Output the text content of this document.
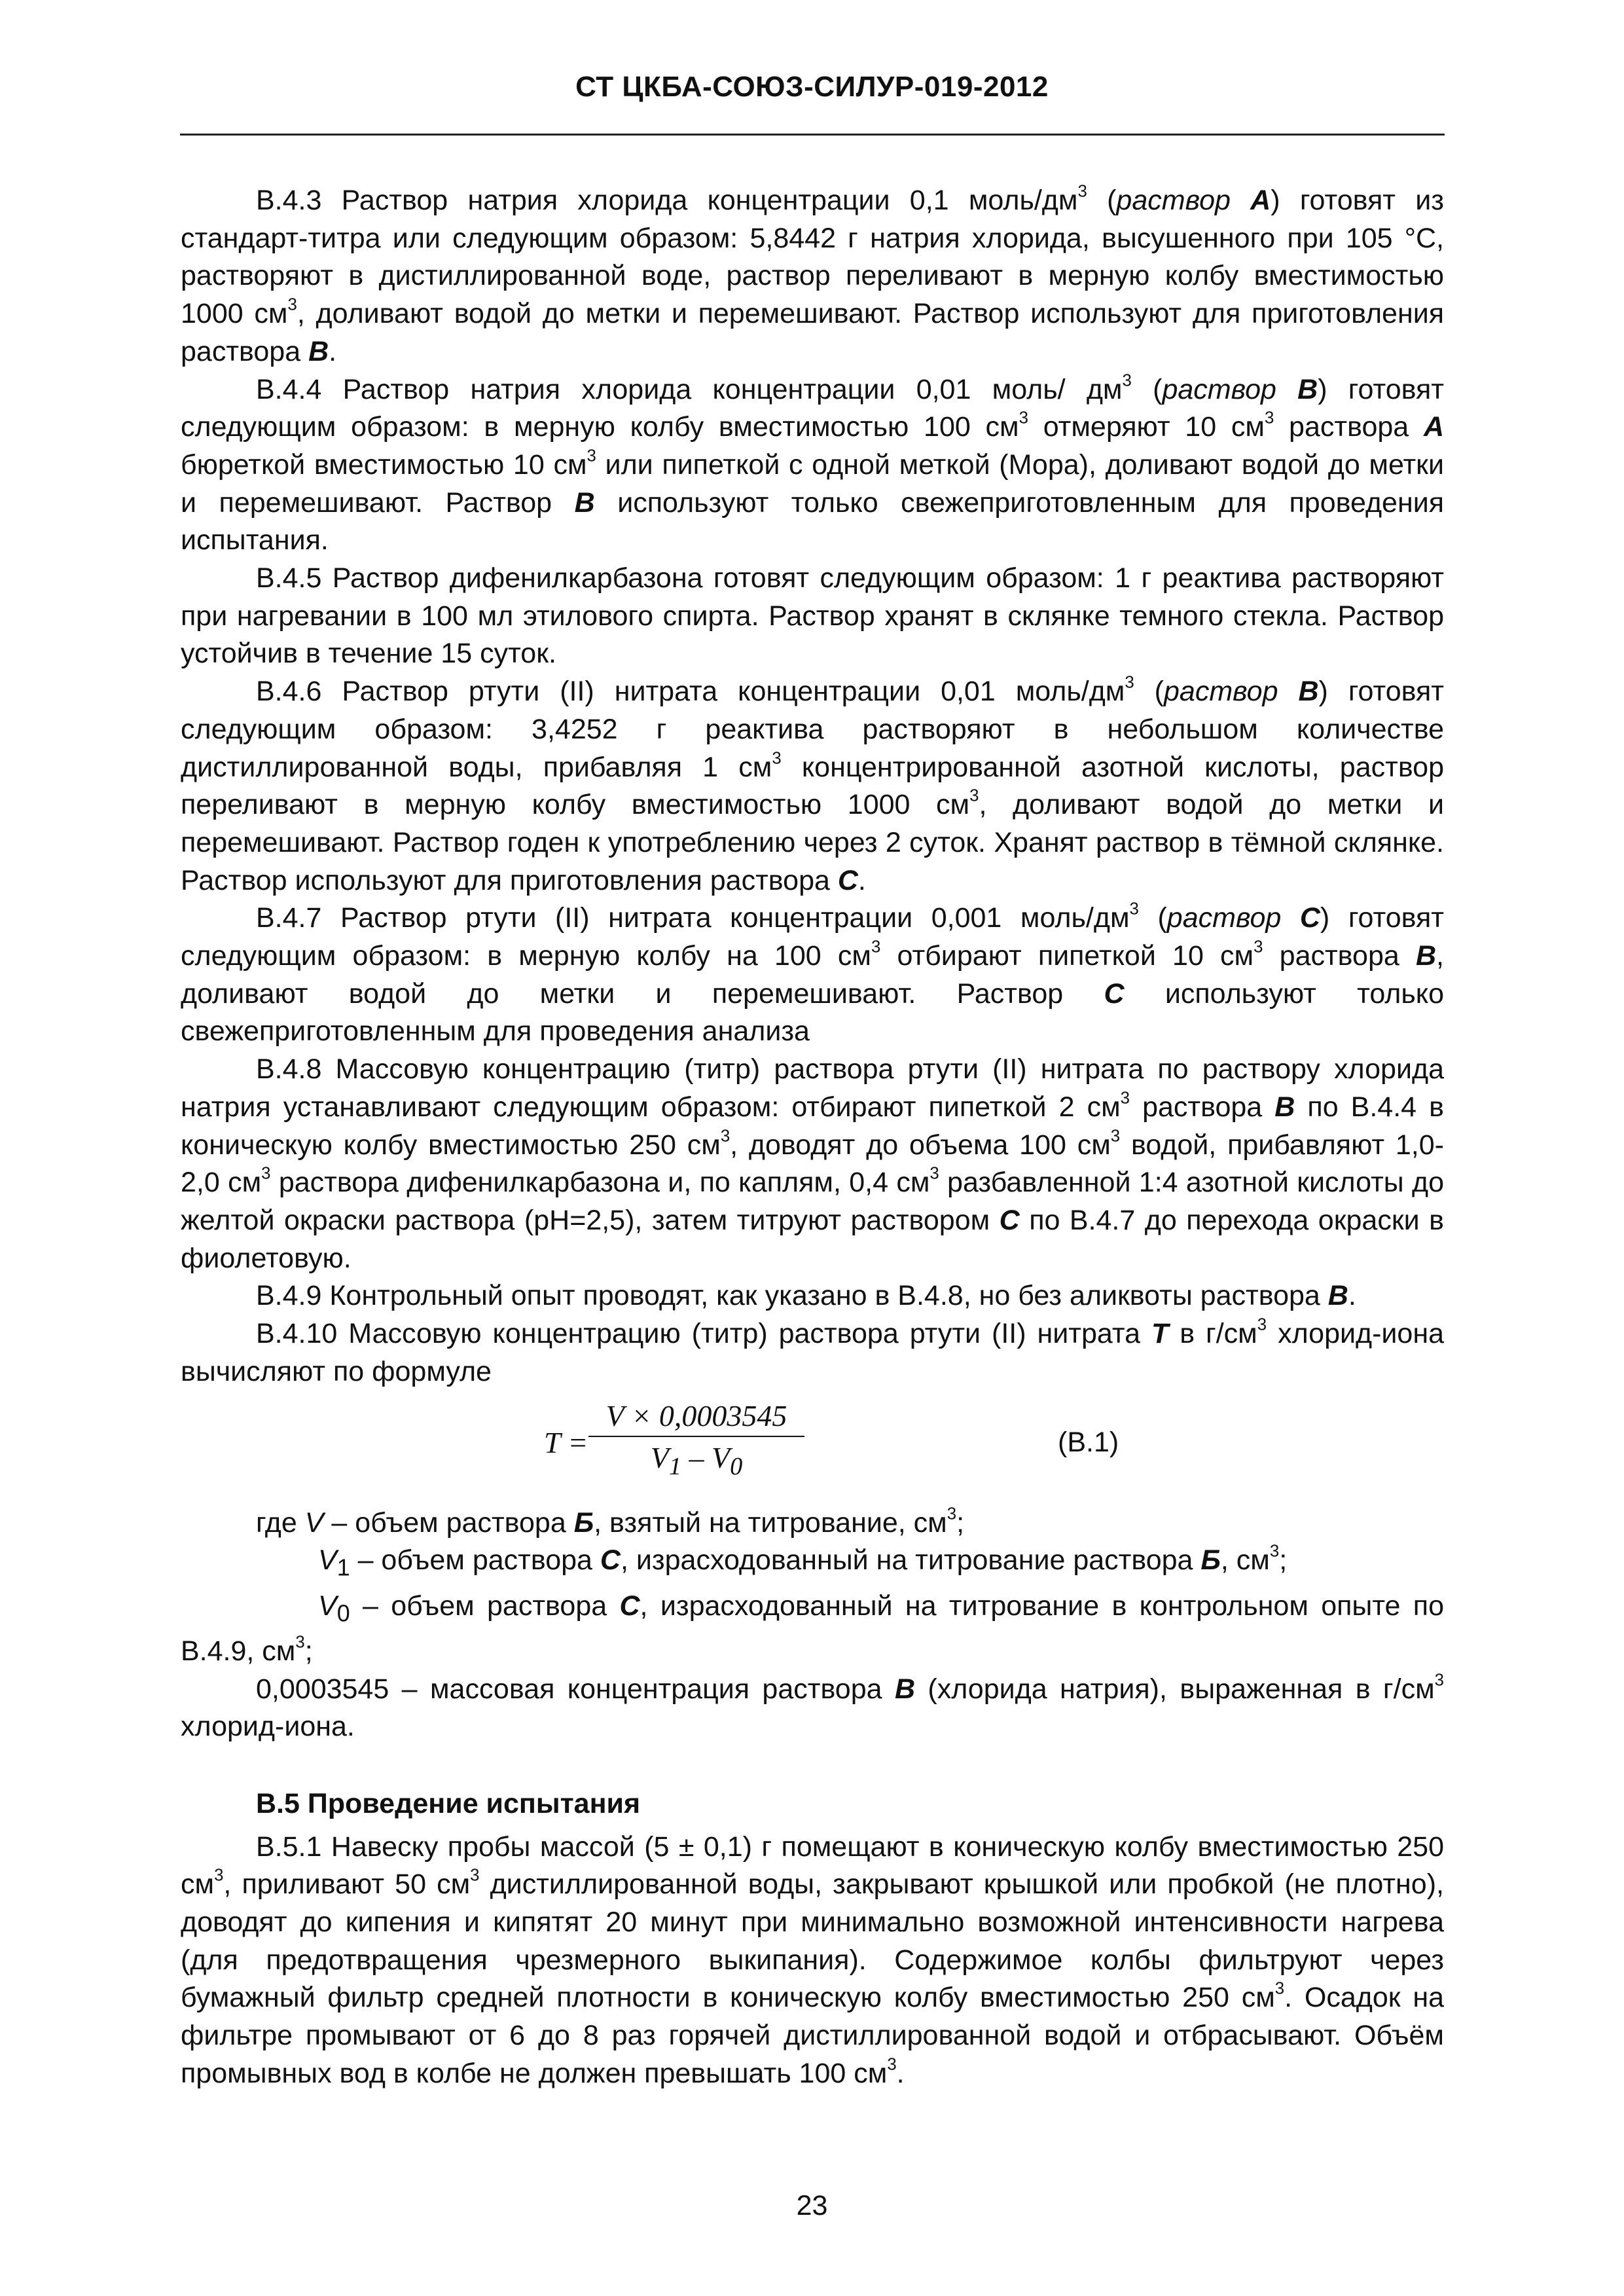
СТ ЦКБА-СОЮЗ-СИЛУР-019-2012

В.4.3 Раствор натрия хлорида концентрации 0,1 моль/$дм^3$ (раствор А) готовят из стандарт-титра или следующим образом: 5,8442 г натрия хлорида, высушенного при 105 °С, растворяют в дистиллированной воде, раствор переливают в мерную колбу вместимостью 1000 $см^3$, доливают водой до метки и перемешивают. Раствор используют для приготовления раствора В.

В.4.4 Раствор натрия хлорида концентрации 0,01 моль/ $дм^3$ (раствор В) готовят следующим образом: в мерную колбу вместимостью 100 $см^3$ отмеряют 10 $см^3$ раствора А бюреткой вместимостью 10 $см^3$ или пипеткой с одной меткой (Мора), доливают водой до метки и перемешивают. Раствор В используют только свежеприготовленным для проведения испытания.

В.4.5 Раствор дифенилкарбазона готовят следующим образом: 1 г реактива растворяют при нагревании в 100 мл этилового спирта. Раствор хранят в склянке темного стекла. Раствор устойчив в течение 15 суток.

В.4.6 Раствор ртути (II) нитрата концентрации 0,01 моль/$дм^3$ (раствор В) готовят следующим образом: 3,4252 г реактива растворяют в небольшом количестве дистиллированной воды, прибавляя 1 $см^3$ концентрированной азотной кислоты, раствор переливают в мерную колбу вместимостью 1000 $см^3$, доливают водой до метки и перемешивают. Раствор годен к употреблению через 2 суток. Хранят раствор в тёмной склянке. Раствор используют для приготовления раствора С.

В.4.7 Раствор ртути (II) нитрата концентрации 0,001 моль/$дм^3$ (раствор С) готовят следующим образом: в мерную колбу на 100 $см^3$ отбирают пипеткой 10 $см^3$ раствора В, доливают водой до метки и перемешивают. Раствор С используют только свежеприготовленным для проведения анализа

В.4.8 Массовую концентрацию (титр) раствора ртути (II) нитрата по раствору хлорида натрия устанавливают следующим образом: отбирают пипеткой 2 $см^3$ раствора В по В.4.4 в коническую колбу вместимостью 250 $см^3$, доводят до объема 100 $см^3$ водой, прибавляют 1,0-2,0 $см^3$ раствора дифенилкарбазона и, по каплям, 0,4 $см^3$ разбавленной 1:4 азотной кислоты до желтой окраски раствора (рН=2,5), затем титруют раствором С по В.4.7 до перехода окраски в фиолетовую.

В.4.9 Контрольный опыт проводят, как указано в В.4.8, но без аликвоты раствора В.

В.4.10 Массовую концентрацию (титр) раствора ртути (II) нитрата Т в $г/см^3$ хлорид-иона вычисляют по формуле

T =
V × 0,0003545
$V_1 - V_0$
(В.1)

где V – объем раствора Б, взятый на титрование, $см^3$;

$V_1$ – объем раствора С, израсходованный на титрование раствора Б, $см^3$;

$V_0$ – объем раствора С, израсходованный на титрование в контрольном опыте по В.4.9, $см^3$;

0,0003545 – массовая концентрация раствора В (хлорида натрия), выраженная в $г/см^3$ хлорид-иона.

В.5 Проведение испытания

В.5.1 Навеску пробы массой (5 ± 0,1) г помещают в коническую колбу вместимостью 250 $см^3$, приливают 50 $см^3$ дистиллированной воды, закрывают крышкой или пробкой (не плотно), доводят до кипения и кипятят 20 минут при минимально возможной интенсивности нагрева (для предотвращения чрезмерного выкипания). Содержимое колбы фильтруют через бумажный фильтр средней плотности в коническую колбу вместимостью 250 $см^3$. Осадок на фильтре промывают от 6 до 8 раз горячей дистиллированной водой и отбрасывают. Объём промывных вод в колбе не должен превышать 100 $см^3$.

23
